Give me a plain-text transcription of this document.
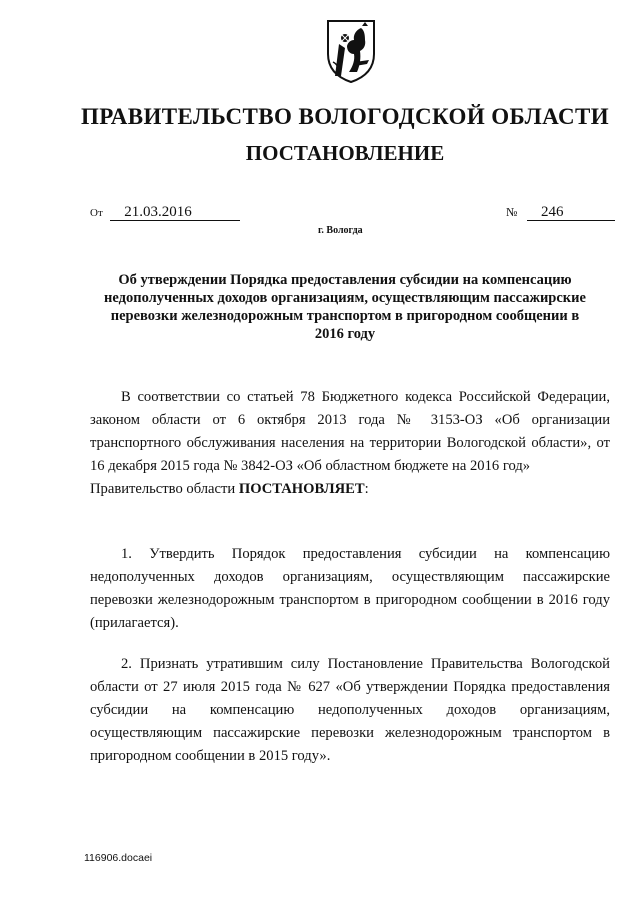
ПРАВИТЕЛЬСТВО ВОЛОГОДСКОЙ ОБЛАСТИ
ПОСТАНОВЛЕНИЕ
От 21.03.2016	№ 246
г. Вологда
Об утверждении Порядка предоставления субсидии на компенсацию недополученных доходов организациям, осуществляющим пассажирские перевозки железнодорожным транспортом в пригородном сообщении в 2016 году

В соответствии со статьей 78 Бюджетного кодекса Российской Федерации, законом области от 6 октября 2013 года № 3153-ОЗ «Об организации транспортного обслуживания населения на территории Вологодской области», от 16 декабря 2015 года № 3842-ОЗ «Об областном бюджете на 2016 год»

Правительство области ПОСТАНОВЛЯЕТ:

1. Утвердить Порядок предоставления субсидии на компенсацию недополученных доходов организациям, осуществляющим пассажирские перевозки железнодорожным транспортом в пригородном сообщении в 2016 году (прилагается).

2. Признать утратившим силу Постановление Правительства Вологодской области от 27 июля 2015 года № 627 «Об утверждении Порядка предоставления субсидии на компенсацию недополученных доходов организациям, осуществляющим пассажирские перевозки железнодорожным транспортом в пригородном сообщении в 2015 году».

116906.docaei
